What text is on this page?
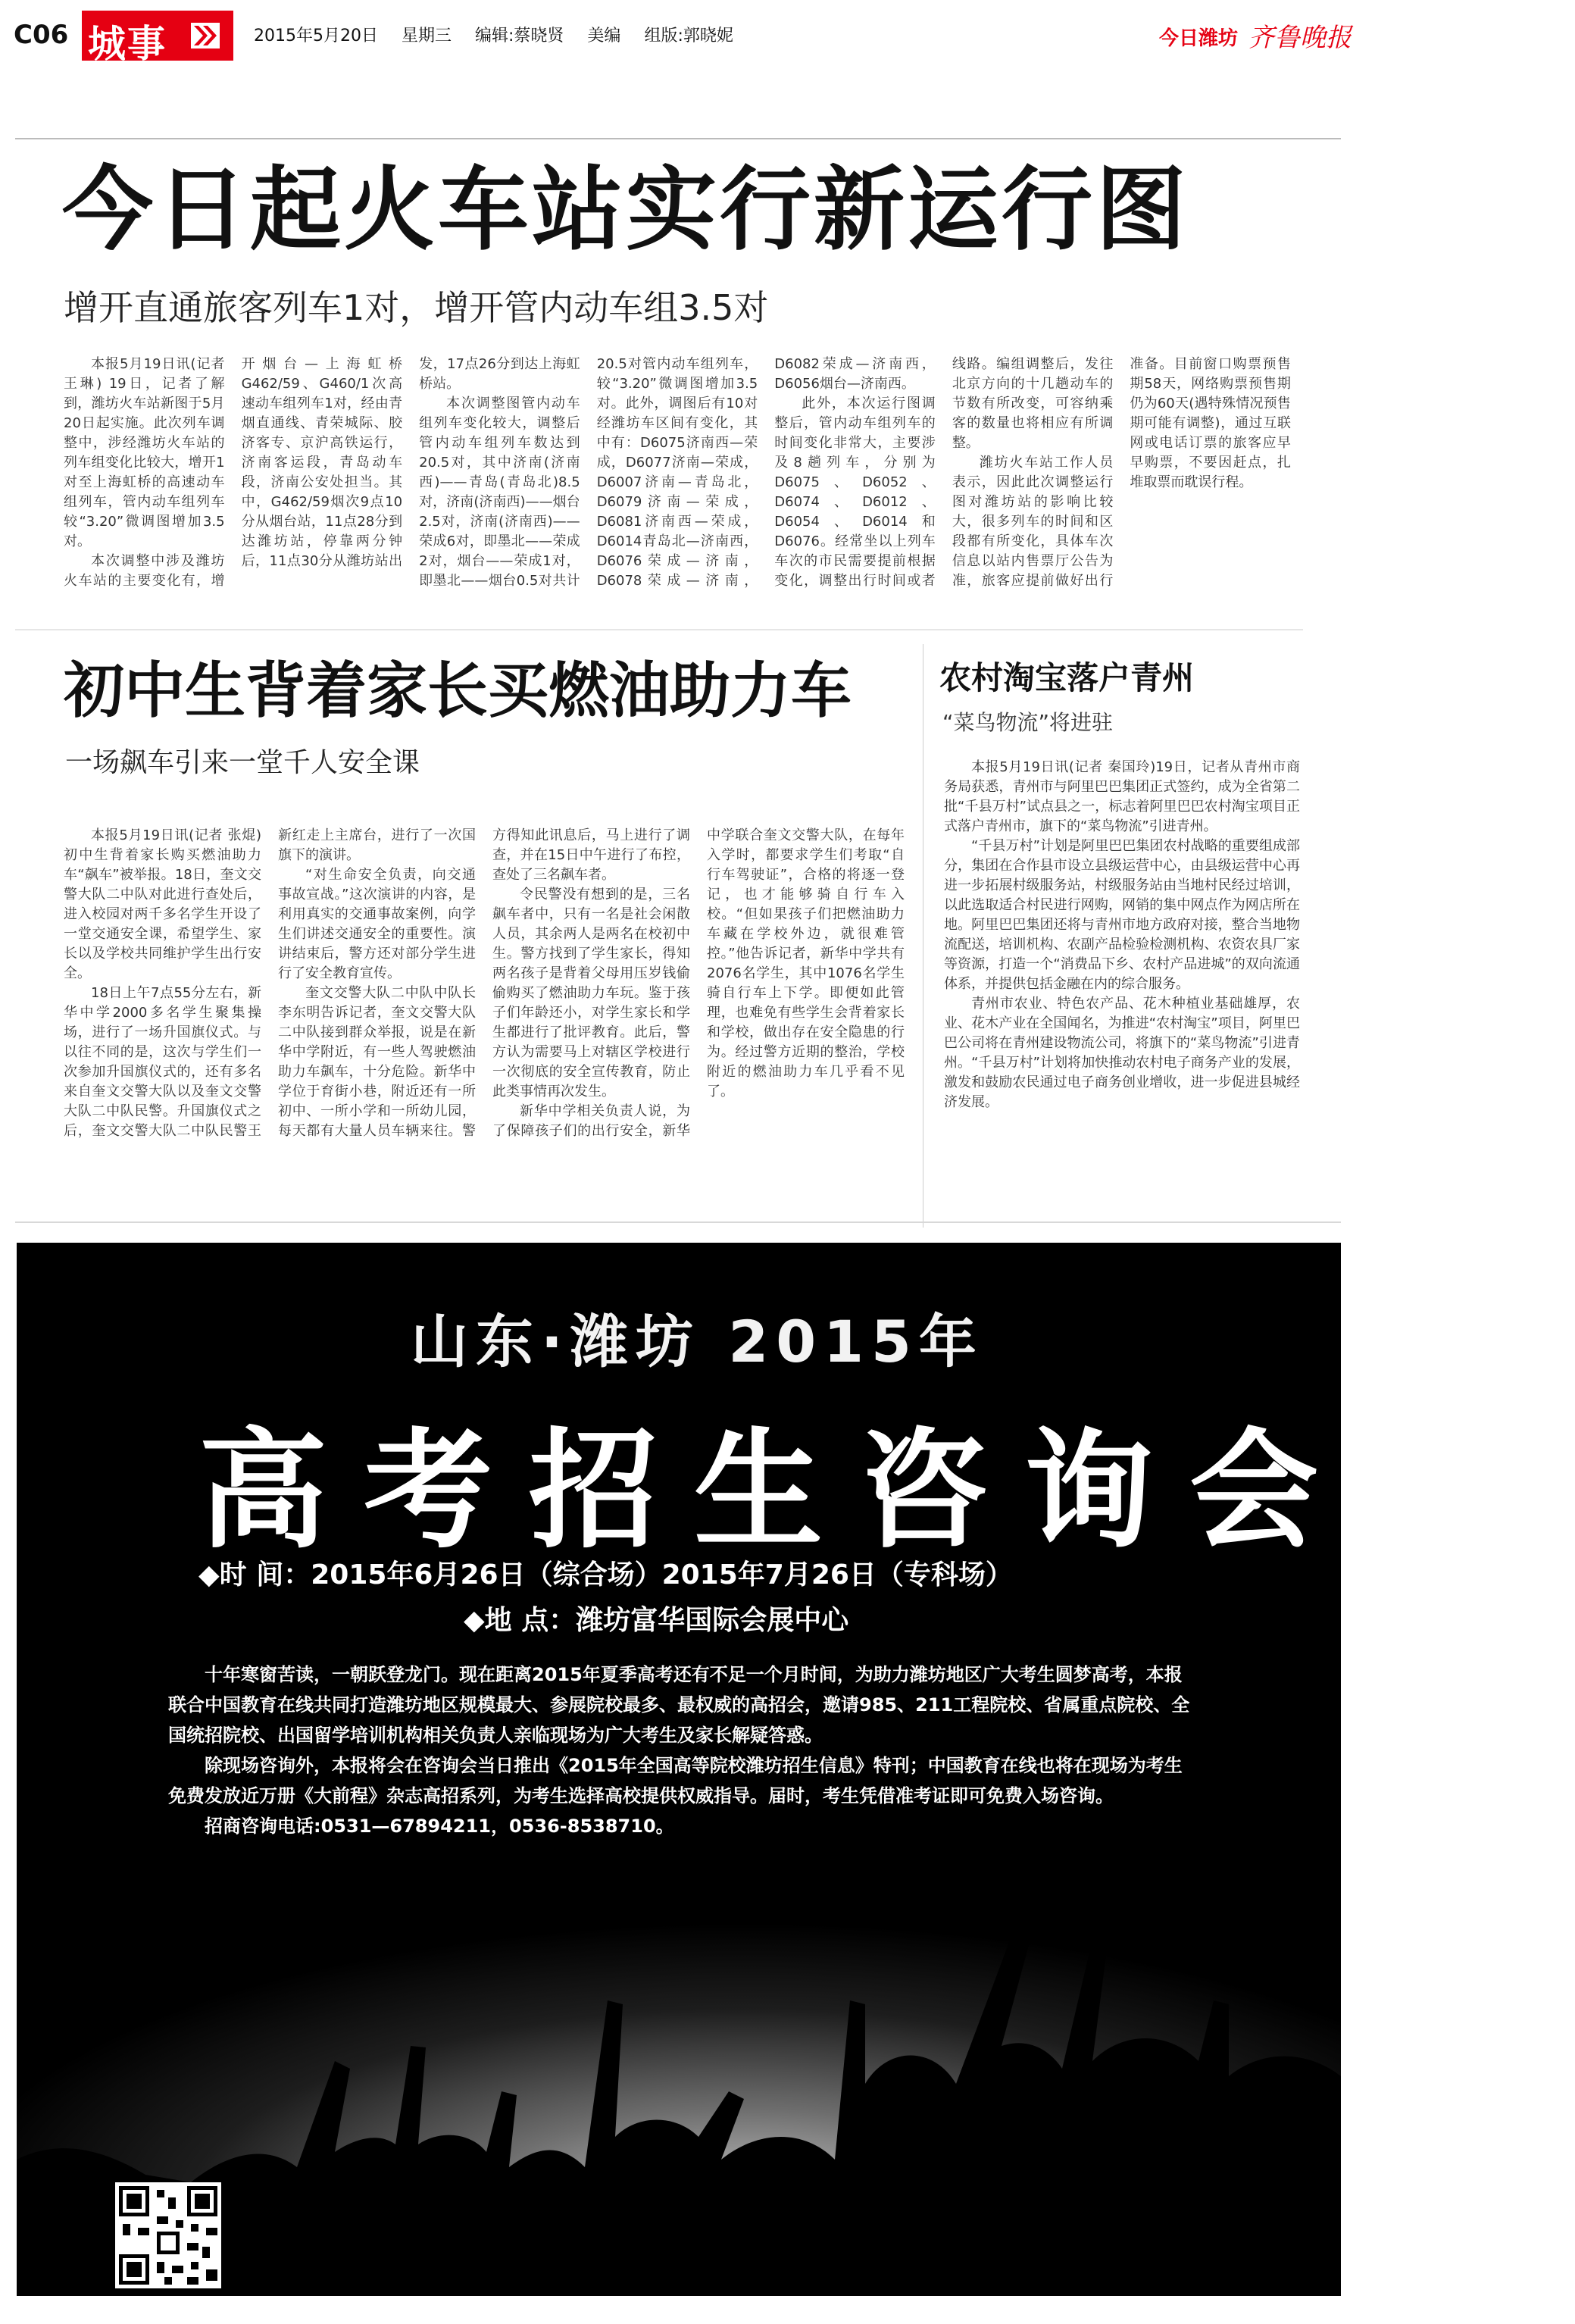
C06 城事	2015年5月20日 星期三 编辑:蔡晓贤 美编 组版:郭晓妮	今日潍坊 齐鲁晚报
今日起火车站实行新运行图
增开直通旅客列车1对，增开管内动车组3.5对

本报5月19日讯(记者 王琳) 19日，记者了解到，潍坊火车站新图于5月20日起实施。此次列车调整中，涉经潍坊火车站的列车组变化比较大，增开1对至上海虹桥的高速动车组列车，管内动车组列车较“3.20”微调图增加3.5对。

本次调整中涉及潍坊火车站的主要变化有，增开烟台—上海虹桥G462/59、G460/1次高速动车组列车1对，经由青烟直通线、青荣城际、胶济客专、京沪高铁运行，济南客运段，青岛动车段，济南公安处担当。其中，G462/59烟次9点10分从烟台站，11点28分到达潍坊站，停靠两分钟后，11点30分从潍坊站出发，17点26分到达上海虹桥站。

本次调整图管内动车组列车变化较大，调整后管内动车组列车数达到20.5对，其中济南(济南西)——青岛(青岛北)8.5对，济南(济南西)——烟台2.5对，济南(济南西)——荣成6对，即墨北——荣成2对，烟台——荣成1对，即墨北——烟台0.5对共计20.5对管内动车组列车，较“3.20”微调图增加3.5对。此外，调图后有10对经潍坊车区间有变化，其中有：D6075济南西—荣成，D6077济南—荣成，D6007济南—青岛北，D6079济南—荣成，D6081济南西—荣成，D6014青岛北—济南西，D6076荣成—济南，D6078荣成—济南，D6082荣成—济南西，D6056烟台—济南西。

此外，本次运行图调整后，管内动车组列车的时间变化非常大，主要涉及8趟列车，分别为D6075、D6052、D6074、D6012、D6054、D6014和D6076。经常坐以上列车车次的市民需要提前根据变化，调整出行时间或者线路。编组调整后，发往北京方向的十几趟动车的节数有所改变，可容纳乘客的数量也将相应有所调整。

潍坊火车站工作人员表示，因此此次调整运行图对潍坊站的影响比较大，很多列车的时间和区段都有所变化，具体车次信息以站内售票厅公告为准，旅客应提前做好出行准备。目前窗口购票预售期58天，网络购票预售期仍为60天(遇特殊情况预售期可能有调整)，通过互联网或电话订票的旅客应早早购票，不要因赶点，扎堆取票而耽误行程。

初中生背着家长买燃油助力车
一场飙车引来一堂千人安全课

本报5月19日讯(记者 张焜)初中生背着家长购买燃油助力车“飙车”被举报。18日，奎文交警大队二中队对此进行查处后，进入校园对两千多名学生开设了一堂交通安全课，希望学生、家长以及学校共同维护学生出行安全。

18日上午7点55分左右，新华中学2000多名学生聚集操场，进行了一场升国旗仪式。与以往不同的是，这次与学生们一次参加升国旗仪式的，还有多名来自奎文交警大队以及奎文交警大队二中队民警。升国旗仪式之后，奎文交警大队二中队民警王新红走上主席台，进行了一次国旗下的演讲。

“对生命安全负责，向交通事故宣战。”这次演讲的内容，是利用真实的交通事故案例，向学生们讲述交通安全的重要性。演讲结束后，警方还对部分学生进行了安全教育宣传。

奎文交警大队二中队中队长李东明告诉记者，奎文交警大队二中队接到群众举报，说是在新华中学附近，有一些人驾驶燃油助力车飙车，十分危险。新华中学位于育街小巷，附近还有一所初中、一所小学和一所幼儿园，每天都有大量人员车辆来往。警方得知此讯息后，马上进行了调查，并在15日中午进行了布控，查处了三名飙车者。

令民警没有想到的是，三名飙车者中，只有一名是社会闲散人员，其余两人是两名在校初中生。警方找到了学生家长，得知两名孩子是背着父母用压岁钱偷偷购买了燃油助力车玩。鉴于孩子们年龄还小，对学生家长和学生都进行了批评教育。此后，警方认为需要马上对辖区学校进行一次彻底的安全宣传教育，防止此类事情再次发生。

新华中学相关负责人说，为了保障孩子们的出行安全，新华中学联合奎文交警大队，在每年入学时，都要求学生们考取“自行车驾驶证”，合格的将逐一登记，也才能够骑自行车入校。“但如果孩子们把燃油助力车藏在学校外边，就很难管控。”他告诉记者，新华中学共有2076名学生，其中1076名学生骑自行车上下学。即便如此管理，也难免有些学生会背着家长和学校，做出存在安全隐患的行为。经过警方近期的整治，学校附近的燃油助力车几乎看不见了。

农村淘宝落户青州
“菜鸟物流”将进驻

本报5月19日讯(记者 秦国玲)19日，记者从青州市商务局获悉，青州市与阿里巴巴集团正式签约，成为全省第二批“千县万村”试点县之一，标志着阿里巴巴农村淘宝项目正式落户青州市，旗下的“菜鸟物流”引进青州。

“千县万村”计划是阿里巴巴集团农村战略的重要组成部分，集团在合作县市设立县级运营中心，由县级运营中心再进一步拓展村级服务站，村级服务站由当地村民经过培训，以此选取适合村民进行网购，网销的集中网点作为网店所在地。阿里巴巴集团还将与青州市地方政府对接，整合当地物流配送，培训机构、农副产品检验检测机构、农资农具厂家等资源，打造一个“消费品下乡、农村产品进城”的双向流通体系，并提供包括金融在内的综合服务。

青州市农业、特色农产品、花木种植业基础雄厚，农业、花木产业在全国闻名，为推进“农村淘宝”项目，阿里巴巴公司将在青州建设物流公司，将旗下的“菜鸟物流”引进青州。“千县万村”计划将加快推动农村电子商务产业的发展，激发和鼓励农民通过电子商务创业增收，进一步促进县城经济发展。

山东·潍坊 2015年
高考招生咨询会
◆时 间：2015年6月26日（综合场）2015年7月26日（专科场）
◆地 点：潍坊富华国际会展中心

十年寒窗苦读，一朝跃登龙门。现在距离2015年夏季高考还有不足一个月时间，为助力潍坊地区广大考生圆梦高考，本报联合中国教育在线共同打造潍坊地区规模最大、参展院校最多、最权威的高招会，邀请985、211工程院校、省属重点院校、全国统招院校、出国留学培训机构相关负责人亲临现场为广大考生及家长解疑答惑。

除现场咨询外，本报将会在咨询会当日推出《2015年全国高等院校潍坊招生信息》特刊；中国教育在线也将在现场为考生免费发放近万册《大前程》杂志高招系列，为考生选择高校提供权威指导。届时，考生凭借准考证即可免费入场咨询。

招商咨询电话:0531—67894211，0536-8538710。

第一时间 权威资讯
